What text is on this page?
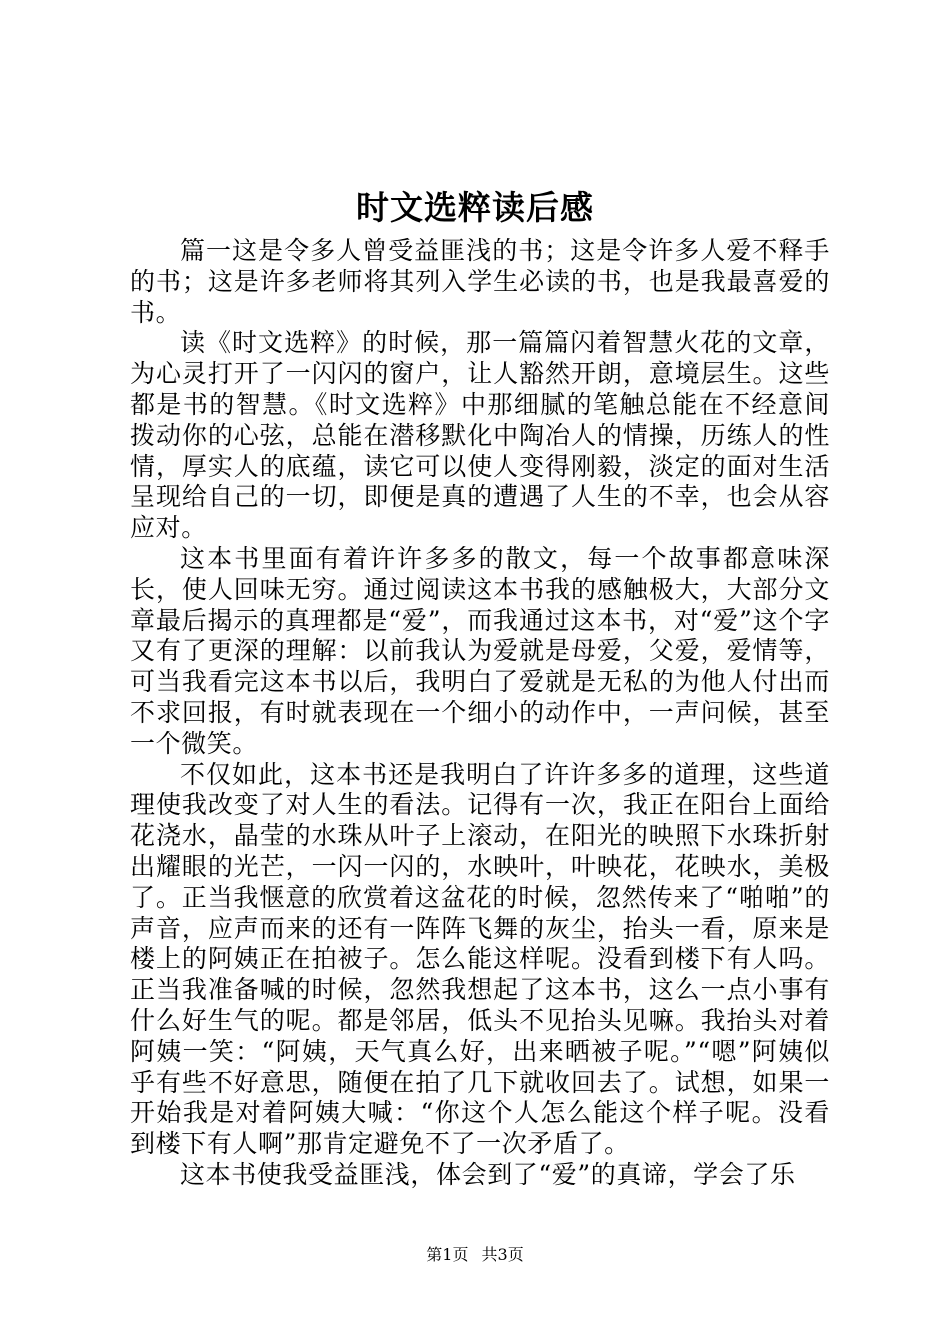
时文选粹读后感

篇一这是令多人曾受益匪浅的书；这是令许多人爱不释手的书；这是许多老师将其列入学生必读的书，也是我最喜爱的书。

读《时文选粹》的时候，那一篇篇闪着智慧火花的文章，为心灵打开了一闪闪的窗户，让人豁然开朗，意境层生。这些都是书的智慧。《时文选粹》中那细腻的笔触总能在不经意间拨动你的心弦，总能在潜移默化中陶冶人的情操，历练人的性情，厚实人的底蕴，读它可以使人变得刚毅，淡定的面对生活呈现给自己的一切，即便是真的遭遇了人生的不幸，也会从容应对。

这本书里面有着许许多多的散文，每一个故事都意味深长，使人回味无穷。通过阅读这本书我的感触极大，大部分文章最后揭示的真理都是“爱”，而我通过这本书，对“爱”这个字又有了更深的理解：以前我认为爱就是母爱，父爱，爱情等，可当我看完这本书以后，我明白了爱就是无私的为他人付出而不求回报，有时就表现在一个细小的动作中，一声问候，甚至一个微笑。

不仅如此，这本书还是我明白了许许多多的道理，这些道理使我改变了对人生的看法。记得有一次，我正在阳台上面给花浇水，晶莹的水珠从叶子上滚动，在阳光的映照下水珠折射出耀眼的光芒，一闪一闪的，水映叶，叶映花，花映水，美极了。正当我惬意的欣赏着这盆花的时候，忽然传来了“啪啪”的声音，应声而来的还有一阵阵飞舞的灰尘，抬头一看，原来是楼上的阿姨正在拍被子。怎么能这样呢。没看到楼下有人吗。正当我准备喊的时候，忽然我想起了这本书，这么一点小事有什么好生气的呢。都是邻居，低头不见抬头见嘛。我抬头对着阿姨一笑：“阿姨，天气真么好，出来晒被子呢。”“嗯”阿姨似乎有些不好意思，随便在拍了几下就收回去了。试想，如果一开始我是对着阿姨大喊：“你这个人怎么能这个样子呢。没看到楼下有人啊”那肯定避免不了一次矛盾了。

这本书使我受益匪浅，体会到了“爱”的真谛，学会了乐

第1页 共3页
